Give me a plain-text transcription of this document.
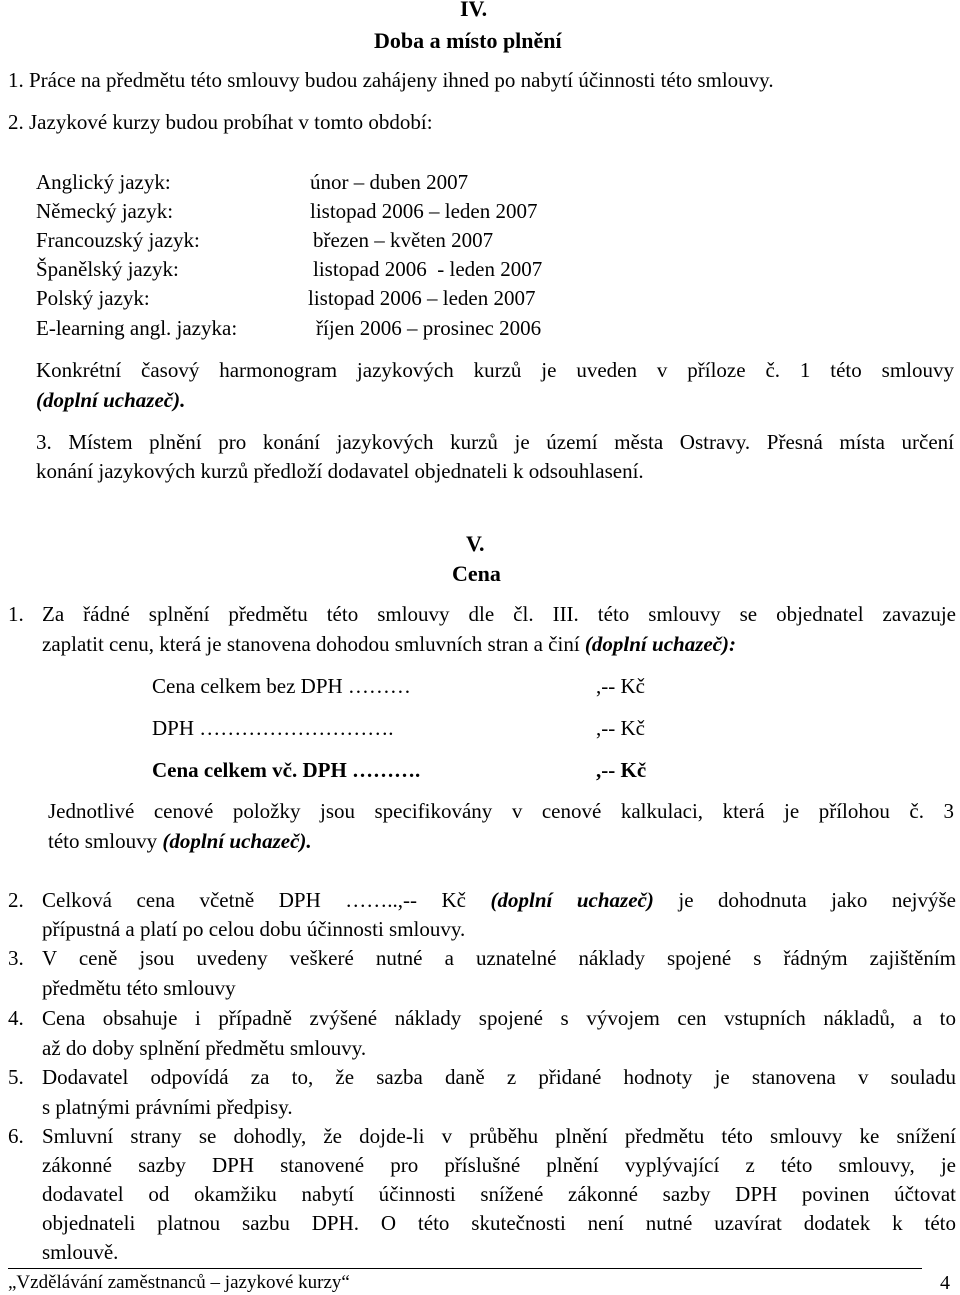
IV.
Doba a místo plnění
1. Práce na předmětu této smlouvy budou zahájeny ihned po nabytí účinnosti této smlouvy.
2. Jazykové kurzy budou probíhat v tomto období:
Anglický jazyk:	únor – duben 2007
Německý jazyk:	listopad 2006 – leden 2007
Francouzský jazyk:	březen – květen 2007
Španělský jazyk:	listopad 2006  - leden 2007
Polský jazyk:	listopad 2006 – leden 2007
E-learning angl. jazyka:	říjen 2006 – prosinec 2006
Konkrétní časový harmonogram jazykových kurzů je uveden v příloze č. 1 této smlouvy
(doplní uchazeč).
3. Místem plnění pro konání jazykových kurzů je území města Ostravy. Přesná místa určení
konání jazykových kurzů předloží dodavatel objednateli k odsouhlasení.
V.
Cena
1. Za řádné splnění předmětu této smlouvy dle čl. III. této smlouvy se objednatel zavazuje
zaplatit cenu, která je stanovena dohodou smluvních stran a činí (doplní uchazeč):
Cena celkem bez DPH ………	,-- Kč
DPH ……………………….	,-- Kč
Cena celkem vč. DPH ……….	,-- Kč
Jednotlivé cenové položky jsou specifikovány v cenové kalkulaci, která je přílohou č. 3
této smlouvy (doplní uchazeč).
2. Celková cena včetně DPH ……..,-- Kč (doplní uchazeč) je dohodnuta jako nejvýše
přípustná a platí po celou dobu účinnosti smlouvy.
3. V ceně jsou uvedeny veškeré nutné a uznatelné náklady spojené s řádným zajištěním
předmětu této smlouvy
4. Cena obsahuje i případně zvýšené náklady spojené s vývojem cen vstupních nákladů, a to
až do doby splnění předmětu smlouvy.
5. Dodavatel odpovídá za to, že sazba daně z přidané hodnoty je stanovena v souladu
s platnými právními předpisy.
6. Smluvní strany se dohodly, že dojde-li v průběhu plnění předmětu této smlouvy ke snížení
zákonné sazby DPH stanovené pro příslušné plnění vyplývající z této smlouvy, je
dodavatel od okamžiku nabytí účinnosti snížené zákonné sazby DPH povinen účtovat
objednateli platnou sazbu DPH. O této skutečnosti není nutné uzavírat dodatek k této
smlouvě.
„Vzdělávání zaměstnanců – jazykové kurzy“	4
